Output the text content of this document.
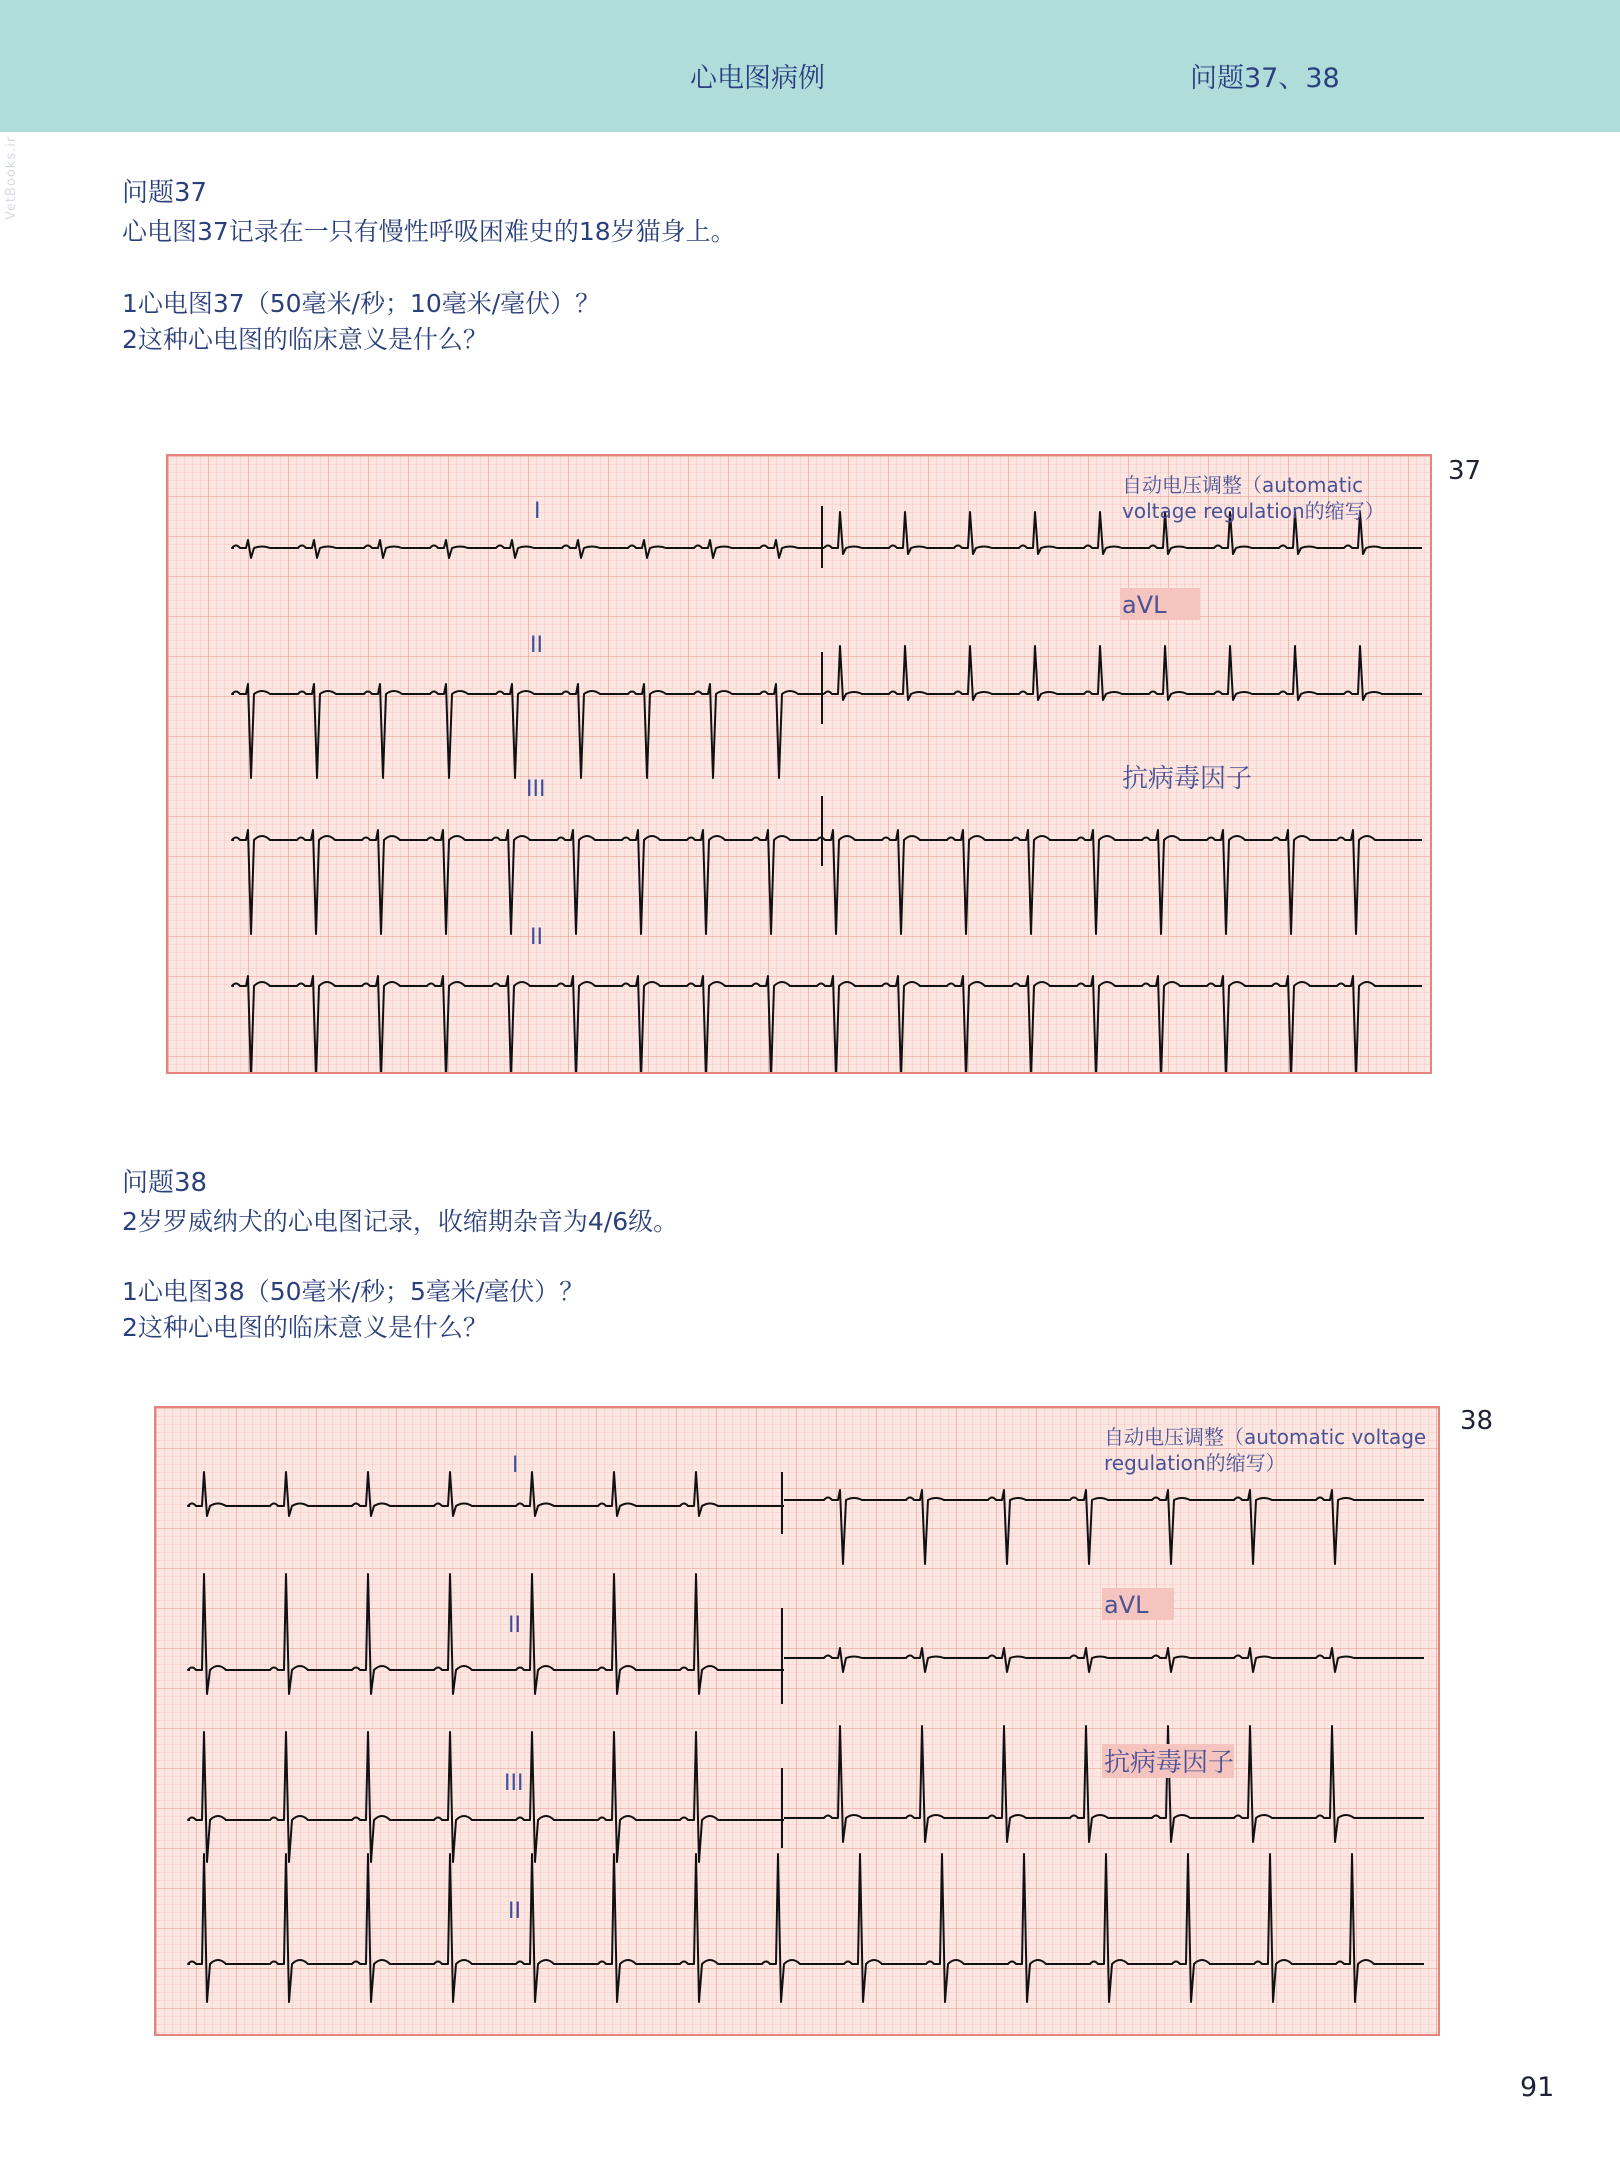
心电图病例	问题37、38
VetBooks.ir	问题37
心电图37记录在一只有慢性呼吸困难史的18岁猫身上。
1心电图37（50毫米/秒；10毫米/毫伏）？
2这种心电图的临床意义是什么？
I
II
III
II
自动电压调整（automatic
voltage regulation的缩写）
aVL
抗病毒因子
37
问题38
2岁罗威纳犬的心电图记录，收缩期杂音为4/6级。
1心电图38（50毫米/秒；5毫米/毫伏）？
2这种心电图的临床意义是什么？
I
II
III
II
自动电压调整（automatic voltage
regulation的缩写）
aVL
抗病毒因子
38
91
